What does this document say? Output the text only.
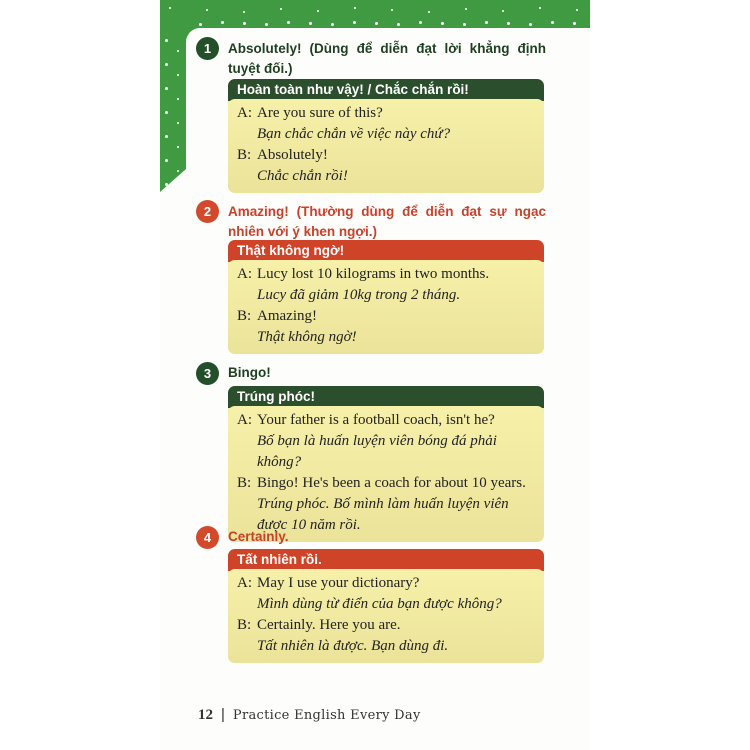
1	Absolutely! (Dùng để diễn đạt lời khẳng định tuyệt đối.)
Hoàn toàn như vậy! / Chắc chắn rồi!
A: Are you sure of this?
Bạn chắc chắn về việc này chứ?
B: Absolutely!
Chắc chắn rồi!
2	Amazing! (Thường dùng để diễn đạt sự ngạc nhiên với ý khen ngợi.)
Thật không ngờ!
A: Lucy lost 10 kilograms in two months.
Lucy đã giảm 10kg trong 2 tháng.
B: Amazing!
Thật không ngờ!
3	Bingo!
Trúng phóc!
A: Your father is a football coach, isn't he?
Bố bạn là huấn luyện viên bóng đá phải không?
B: Bingo! He's been a coach for about 10 years.
Trúng phóc. Bố mình làm huấn luyện viên được 10 năm rồi.
4	Certainly.
Tất nhiên rồi.
A: May I use your dictionary?
Mình dùng từ điển của bạn được không?
B: Certainly. Here you are.
Tất nhiên là được. Bạn dùng đi.
12 | Practice English Every Day
